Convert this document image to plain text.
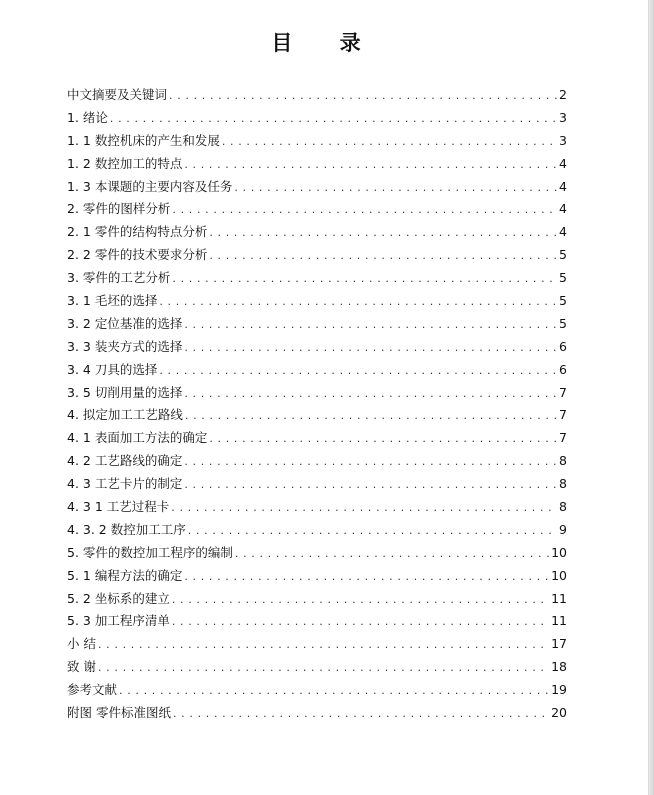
目 录
中文摘要及关键词 . . .	2
1. 绪论 . . .	3
1. 1 数控机床的产生和发展 . . .	3
1. 2 数控加工的特点 . . .	4
1. 3 本课题的主要内容及任务 . . .	4
2. 零件的图样分析 . . .	4
2. 1 零件的结构特点分析 . . .	4
2. 2 零件的技术要求分析 . . .	5
3. 零件的工艺分析 . . .	5
3. 1 毛坯的选择 . . .	5
3. 2 定位基准的选择 . . .	5
3. 3 装夹方式的选择 . . .	6
3. 4 刀具的选择 . . .	6
3. 5 切削用量的选择 . . .	7
4. 拟定加工工艺路线 . . .	7
4. 1 表面加工方法的确定 . . .	7
4. 2 工艺路线的确定 . . .	8
4. 3 工艺卡片的制定 . . .	8
4. 3 1 工艺过程卡 . . .	8
4. 3. 2 数控加工工序 . . .	9
5. 零件的数控加工程序的编制 . . .	10
5. 1 编程方法的确定 . . .	10
5. 2 坐标系的建立 . . .	11
5. 3 加工程序清单 . . .	11
小 结 . . .	17
致 谢 . . .	18
参考文献 . . .	19
附图 零件标准图纸 . . .	20
